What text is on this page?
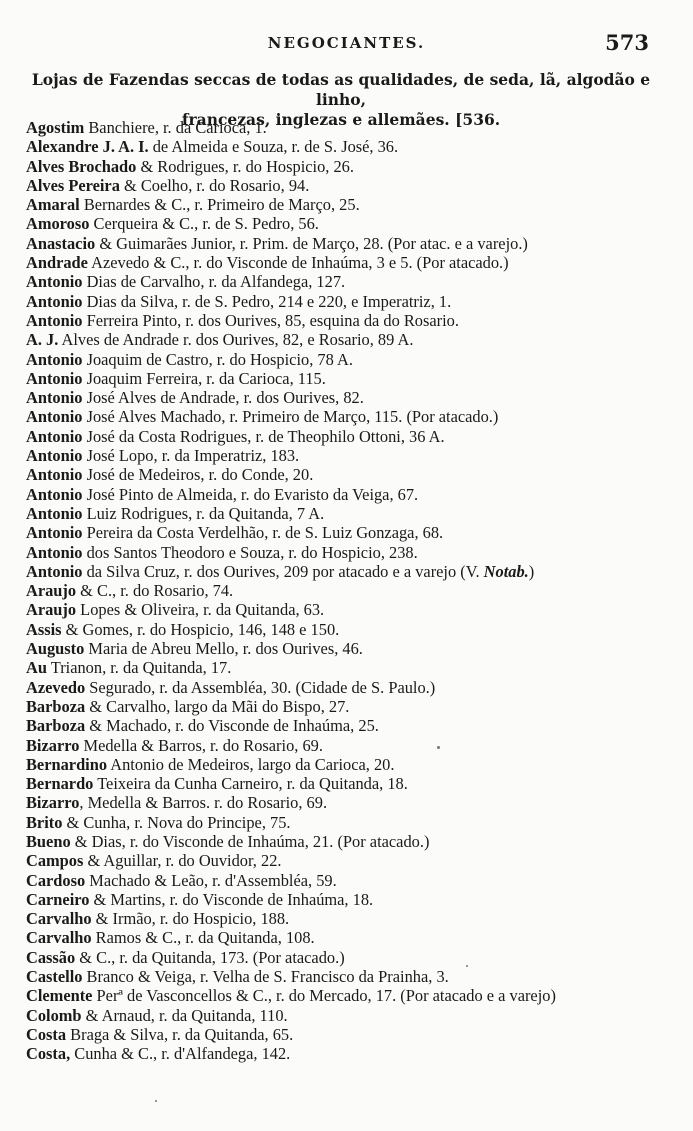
NEGOCIANTES.	573
Lojas de Fazendas seccas de todas as qualidades, de seda, lã, algodão e linho,
francezas, inglezas e allemães. [536.
Agostim Banchiere, r. da Carioca, 1.
Alexandre J. A. I. de Almeida e Souza, r. de S. José, 36.
Alves Brochado & Rodrigues, r. do Hospicio, 26.
Alves Pereira & Coelho, r. do Rosario, 94.
Amaral Bernardes & C., r. Primeiro de Março, 25.
Amoroso Cerqueira & C., r. de S. Pedro, 56.
Anastacio & Guimarães Junior, r. Prim. de Março, 28. (Por atac. e a varejo.)
Andrade Azevedo & C., r. do Visconde de Inhaúma, 3 e 5. (Por atacado.)
Antonio Dias de Carvalho, r. da Alfandega, 127.
Antonio Dias da Silva, r. de S. Pedro, 214 e 220, e Imperatriz, 1.
Antonio Ferreira Pinto, r. dos Ourives, 85, esquina da do Rosario.
A. J. Alves de Andrade r. dos Ourives, 82, e Rosario, 89 A.
Antonio Joaquim de Castro, r. do Hospicio, 78 A.
Antonio Joaquim Ferreira, r. da Carioca, 115.
Antonio José Alves de Andrade, r. dos Ourives, 82.
Antonio José Alves Machado, r. Primeiro de Março, 115. (Por atacado.)
Antonio José da Costa Rodrigues, r. de Theophilo Ottoni, 36 A.
Antonio José Lopo, r. da Imperatriz, 183.
Antonio José de Medeiros, r. do Conde, 20.
Antonio José Pinto de Almeida, r. do Evaristo da Veiga, 67.
Antonio Luiz Rodrigues, r. da Quitanda, 7 A.
Antonio Pereira da Costa Verdelhão, r. de S. Luiz Gonzaga, 68.
Antonio dos Santos Theodoro e Souza, r. do Hospicio, 238.
Antonio da Silva Cruz, r. dos Ourives, 209 por atacado e a varejo (V. Notab.)
Araujo & C., r. do Rosario, 74.
Araujo Lopes & Oliveira, r. da Quitanda, 63.
Assis & Gomes, r. do Hospicio, 146, 148 e 150.
Augusto Maria de Abreu Mello, r. dos Ourives, 46.
Au Trianon, r. da Quitanda, 17.
Azevedo Segurado, r. da Assembléa, 30. (Cidade de S. Paulo.)
Barboza & Carvalho, largo da Mãi do Bispo, 27.
Barboza & Machado, r. do Visconde de Inhaúma, 25.
Bizarro Medella & Barros, r. do Rosario, 69.
Bernardino Antonio de Medeiros, largo da Carioca, 20.
Bernardo Teixeira da Cunha Carneiro, r. da Quitanda, 18.
Bizarro, Medella & Barros. r. do Rosario, 69.
Brito & Cunha, r. Nova do Principe, 75.
Bueno & Dias, r. do Visconde de Inhaúma, 21. (Por atacado.)
Campos & Aguillar, r. do Ouvidor, 22.
Cardoso Machado & Leão, r. d'Assembléa, 59.
Carneiro & Martins, r. do Visconde de Inhaúma, 18.
Carvalho & Irmão, r. do Hospicio, 188.
Carvalho Ramos & C., r. da Quitanda, 108.
Cassão & C., r. da Quitanda, 173. (Por atacado.)
Castello Branco & Veiga, r. Velha de S. Francisco da Prainha, 3.
Clemente Perª de Vasconcellos & C., r. do Mercado, 17. (Por atacado e a varejo)
Colomb & Arnaud, r. da Quitanda, 110.
Costa Braga & Silva, r. da Quitanda, 65.
Costa, Cunha & C., r. d'Alfandega, 142.
